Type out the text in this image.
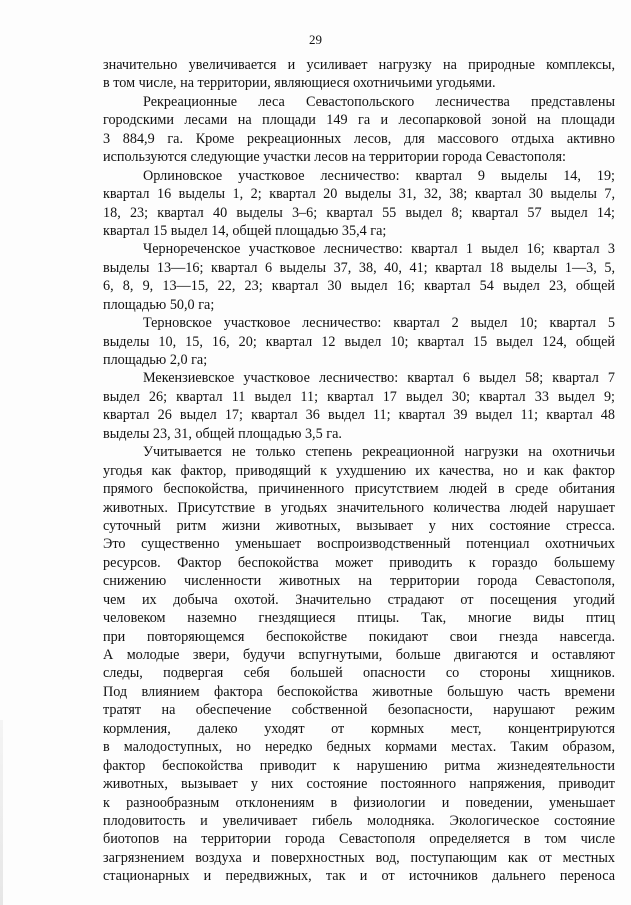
29
значительно увеличивается и усиливает нагрузку на природные комплексы,
в том числе, на территории, являющиеся охотничьими угодьями.
Рекреационные леса Севастопольского лесничества представлены
городскими лесами на площади 149 га и лесопарковой зоной на площади
3 884,9 га. Кроме рекреационных лесов, для массового отдыха активно
используются следующие участки лесов на территории города Севастополя:
Орлиновское участковое лесничество: квартал 9 выделы 14, 19;
квартал 16 выделы 1, 2; квартал 20 выделы 31, 32, 38; квартал 30 выделы 7,
18, 23; квартал 40 выделы 3–6; квартал 55 выдел 8; квартал 57 выдел 14;
квартал 15 выдел 14, общей площадью 35,4 га;
Чернореченское участковое лесничество: квартал 1 выдел 16; квартал 3
выделы 13—16; квартал 6 выделы 37, 38, 40, 41; квартал 18 выделы 1—3, 5,
6, 8, 9, 13—15, 22, 23; квартал 30 выдел 16; квартал 54 выдел 23, общей
площадью 50,0 га;
Терновское участковое лесничество: квартал 2 выдел 10; квартал 5
выделы 10, 15, 16, 20; квартал 12 выдел 10; квартал 15 выдел 124, общей
площадью 2,0 га;
Мекензиевское участковое лесничество: квартал 6 выдел 58; квартал 7
выдел 26; квартал 11 выдел 11; квартал 17 выдел 30; квартал 33 выдел 9;
квартал 26 выдел 17; квартал 36 выдел 11; квартал 39 выдел 11; квартал 48
выделы 23, 31, общей площадью 3,5 га.
Учитывается не только степень рекреационной нагрузки на охотничьи
угодья как фактор, приводящий к ухудшению их качества, но и как фактор
прямого беспокойства, причиненного присутствием людей в среде обитания
животных. Присутствие в угодьях значительного количества людей нарушает
суточный ритм жизни животных, вызывает у них состояние стресса.
Это существенно уменьшает воспроизводственный потенциал охотничьих
ресурсов. Фактор беспокойства может приводить к гораздо большему
снижению численности животных на территории города Севастополя,
чем их добыча охотой. Значительно страдают от посещения угодий
человеком наземно гнездящиеся птицы. Так, многие виды птиц
при повторяющемся беспокойстве покидают свои гнезда навсегда.
А молодые звери, будучи вспугнутыми, больше двигаются и оставляют
следы, подвергая себя большей опасности со стороны хищников.
Под влиянием фактора беспокойства животные большую часть времени
тратят на обеспечение собственной безопасности, нарушают режим
кормления, далеко уходят от кормных мест, концентрируются
в малодоступных, но нередко бедных кормами местах. Таким образом,
фактор беспокойства приводит к нарушению ритма жизнедеятельности
животных, вызывает у них состояние постоянного напряжения, приводит
к разнообразным отклонениям в физиологии и поведении, уменьшает
плодовитость и увеличивает гибель молодняка. Экологическое состояние
биотопов на территории города Севастополя определяется в том числе
загрязнением воздуха и поверхностных вод, поступающим как от местных
стационарных и передвижных, так и от источников дальнего переноса
